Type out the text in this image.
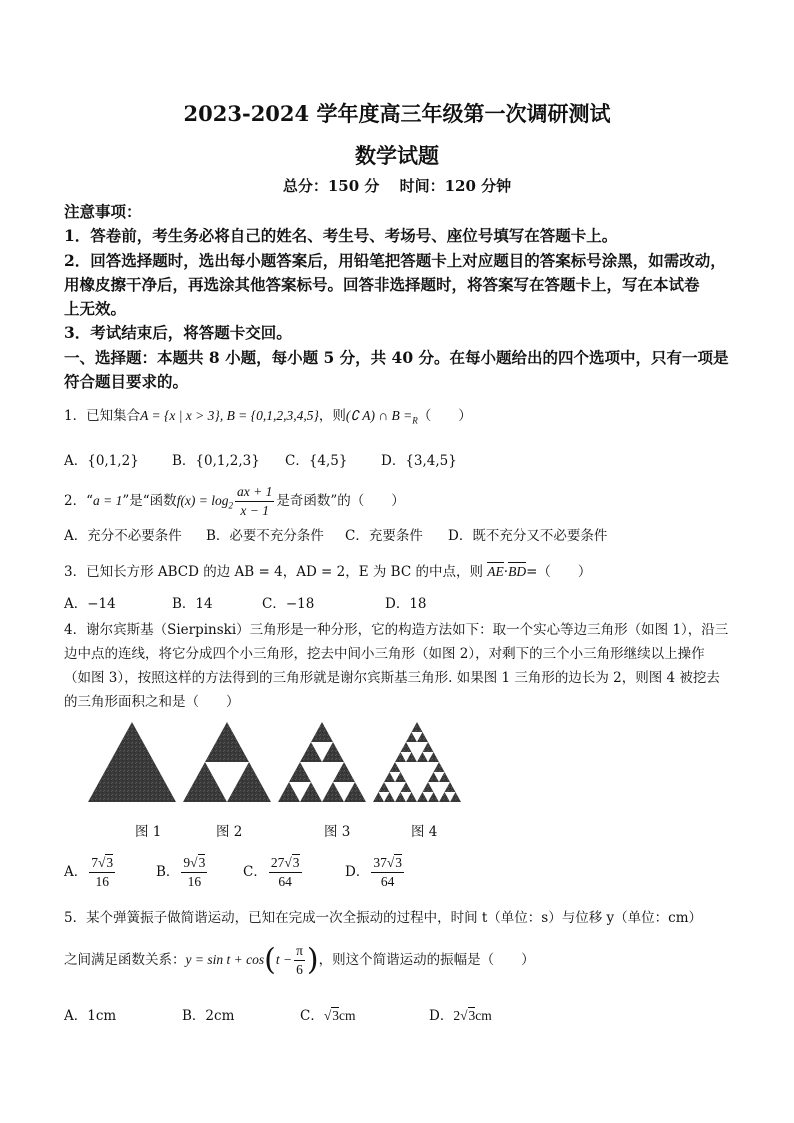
2023-2024 学年度高三年级第一次调研测试
数学试题
总分：150 分　 时间：120 分钟
注意事项：
1．答卷前，考生务必将自己的姓名、考生号、考场号、座位号填写在答题卡上。
2．回答选择题时，选出每小题答案后，用铅笔把答题卡上对应题目的答案标号涂黑，如需改动，
用橡皮擦干净后，再选涂其他答案标号。回答非选择题时，将答案写在答题卡上，写在本试卷
上无效。
3．考试结束后，将答题卡交回。
一、选择题：本题共 8 小题，每小题 5 分，共 40 分。在每小题给出的四个选项中，只有一项是
符合题目要求的。
1．已知集合A = {x | x > 3}, B = {0,1,2,3,4,5}，则(∁ A) ∩ $B =_R$（　　）
A．{0,1,2} B．{0,1,2,3} C．{4,5} D．{3,4,5}
2．“a = 1”是“函数$f(x) = \log_2 \frac{ax + 1}{x - 1}$ 是奇函数”的（　　）
A．充分不必要条件 B．必要不充分条件 C．充要条件 D．既不充分又不必要条件
3．已知长方形 ABCD 的边 AB = 4，AD = 2，E 为 BC 的中点，则 AE·
BD=（　　）
A．−14	B．14	C．−18	D．18
4．谢尔宾斯基（Sierpinski）三角形是一种分形，它的构造方法如下：取一个实心等边三角形（如图 1），沿三
边中点的连线，将它分成四个小三角形，挖去中间小三角形（如图 2），对剩下的三个小三角形继续以上操作
（如图 3），按照这样的方法得到的三角形就是谢尔宾斯基三角形. 如果图 1 三角形的边长为 2，则图 4 被挖去
的三角形面积之和是（　　）
图 1	图 2	图 3	图 4
A． $\frac{7√3}{16}$	B． $\frac{9√3}{16}$	C． $\frac{27√3}{64}$	D． $\frac{37√3}{64}$
5．某个弹簧振子做简谐运动，已知在完成一次全振动的过程中，时间 t（单位：s）与位移 y（单位：cm）
之间满足函数关系：$y = \sin t + \cos(t - \frac{\pi}{6}$ )，则这个简谐运动的振幅是（　　）
A．1cm	B．2cm	C．√3cm	D．2√3cm
